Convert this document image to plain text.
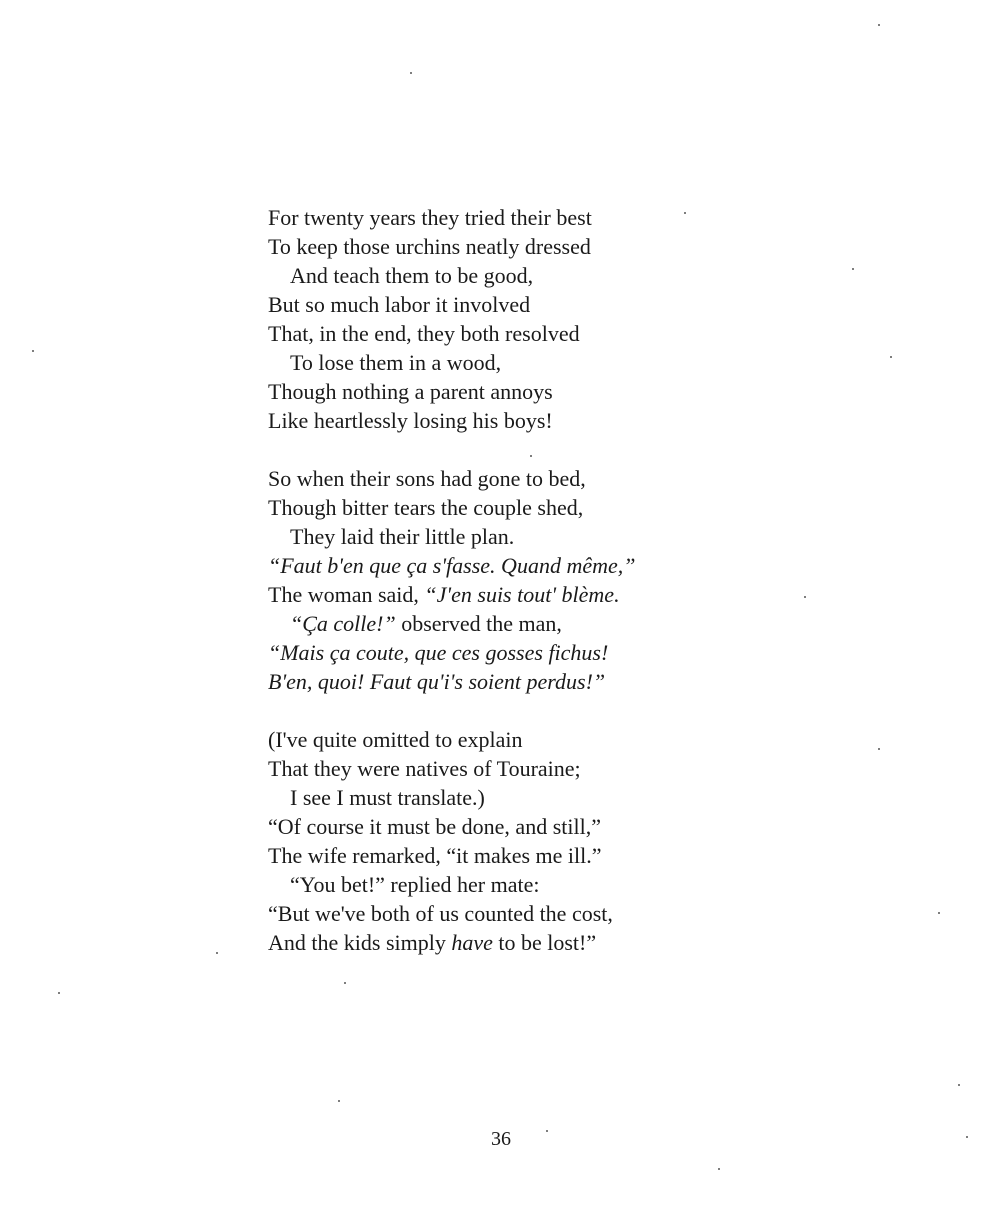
For twenty years they tried their best
To keep those urchins neatly dressed
And teach them to be good,
But so much labor it involved
That, in the end, they both resolved
To lose them in a wood,
Though nothing a parent annoys
Like heartlessly losing his boys!
So when their sons had gone to bed,
Though bitter tears the couple shed,
They laid their little plan.
“Faut b'en que ça s'fasse. Quand même,”
The woman said, “J'en suis tout' blème.
“Ça colle!” observed the man,
“Mais ça coute, que ces gosses fichus!
B'en, quoi! Faut qu'i's soient perdus!”
(I've quite omitted to explain
That they were natives of Touraine;
I see I must translate.)
“Of course it must be done, and still,”
The wife remarked, “it makes me ill.”
“You bet!” replied her mate:
“But we've both of us counted the cost,
And the kids simply have to be lost!”
36
